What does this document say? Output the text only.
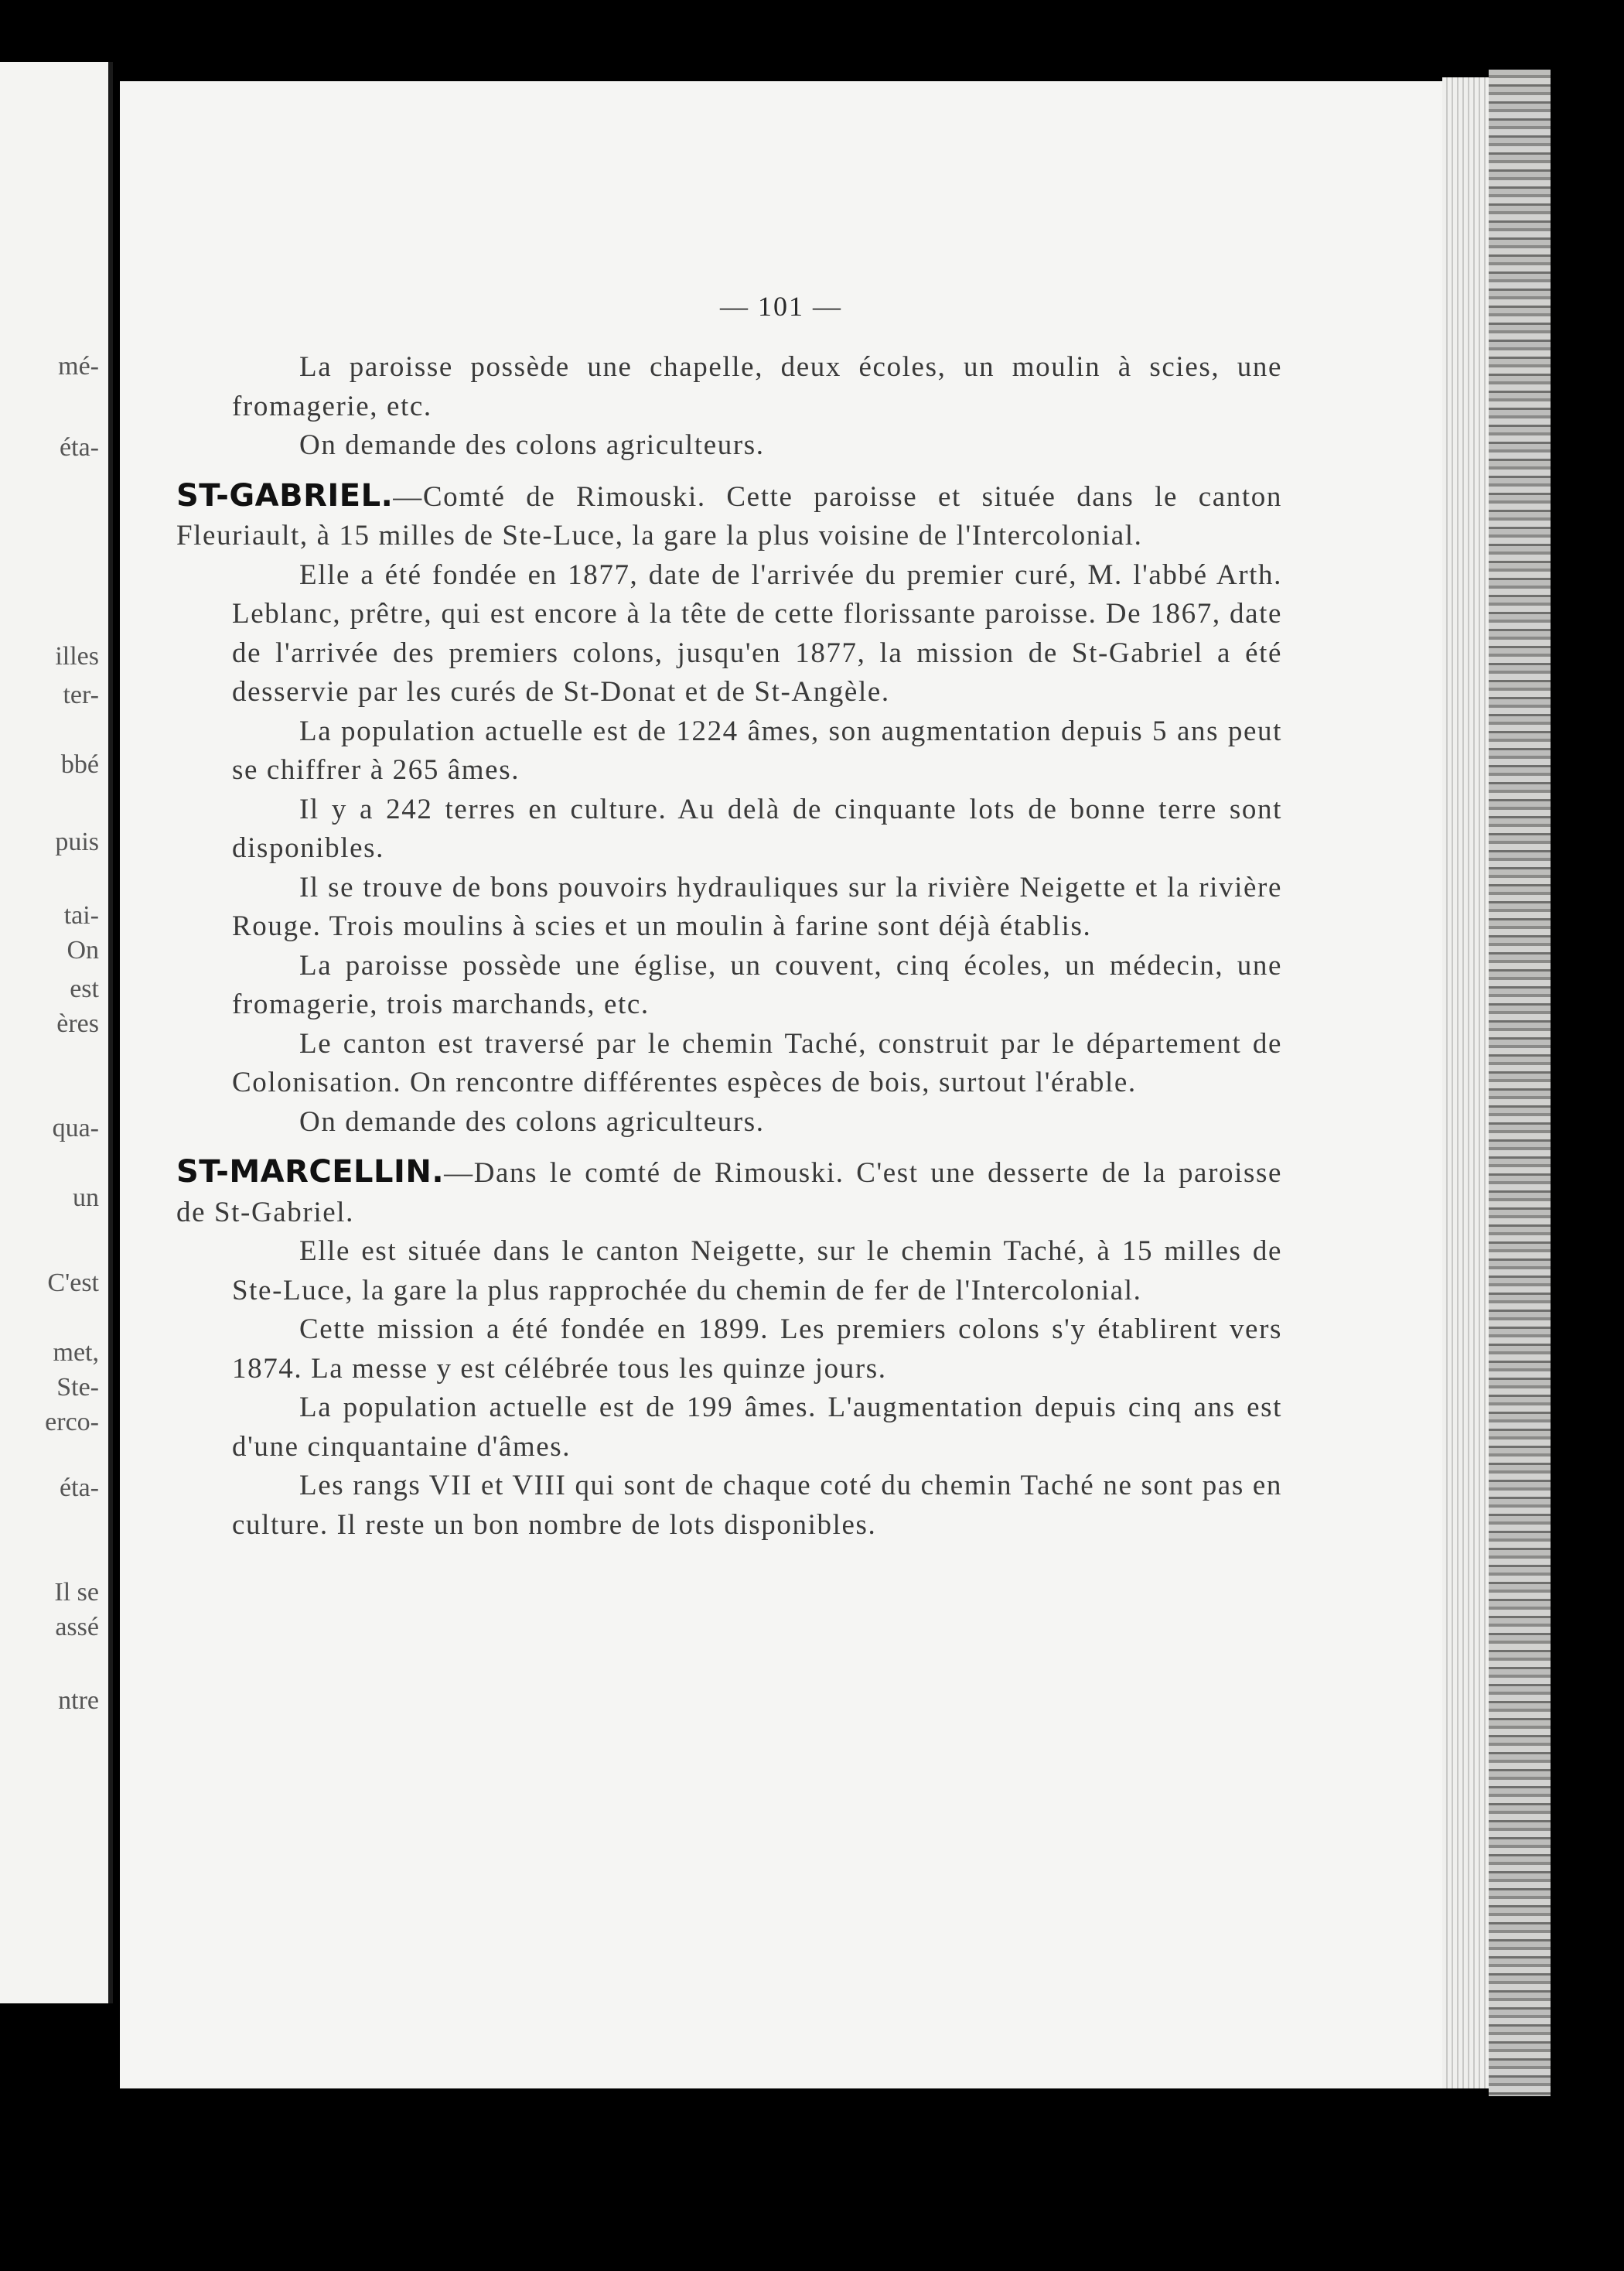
mé-
éta-
illes
ter-
bbé
puis
tai-
On
est
ères
qua-
un
C'est
met,
Ste-
erco-
éta-
Il se
assé
ntre
— 101 —

La paroisse possède une chapelle, deux écoles, un moulin à scies, une fromagerie, etc.

On demande des colons agriculteurs.

ST-GABRIEL.—Comté de Rimouski. Cette paroisse et située dans le canton Fleuriault, à 15 milles de Ste-Luce, la gare la plus voisine de l'Intercolonial.

Elle a été fondée en 1877, date de l'arrivée du premier curé, M. l'abbé Arth. Leblanc, prêtre, qui est encore à la tête de cette florissante paroisse. De 1867, date de l'arrivée des premiers colons, jusqu'en 1877, la mission de St-Gabriel a été desservie par les curés de St-Donat et de St-Angèle.

La population actuelle est de 1224 âmes, son augmentation depuis 5 ans peut se chiffrer à 265 âmes.

Il y a 242 terres en culture. Au delà de cinquante lots de bonne terre sont disponibles.

Il se trouve de bons pouvoirs hydrauliques sur la rivière Neigette et la rivière Rouge. Trois moulins à scies et un moulin à farine sont déjà établis.

La paroisse possède une église, un couvent, cinq écoles, un médecin, une fromagerie, trois marchands, etc.

Le canton est traversé par le chemin Taché, construit par le département de Colonisation. On rencontre différentes espèces de bois, surtout l'érable.

On demande des colons agriculteurs.

ST-MARCELLIN.—Dans le comté de Rimouski. C'est une desserte de la paroisse de St-Gabriel.

Elle est située dans le canton Neigette, sur le chemin Taché, à 15 milles de Ste-Luce, la gare la plus rapprochée du chemin de fer de l'Intercolonial.

Cette mission a été fondée en 1899. Les premiers colons s'y établirent vers 1874. La messe y est célébrée tous les quinze jours.

La population actuelle est de 199 âmes. L'augmentation depuis cinq ans est d'une cinquantaine d'âmes.

Les rangs VII et VIII qui sont de chaque coté du chemin Taché ne sont pas en culture. Il reste un bon nombre de lots disponibles.
